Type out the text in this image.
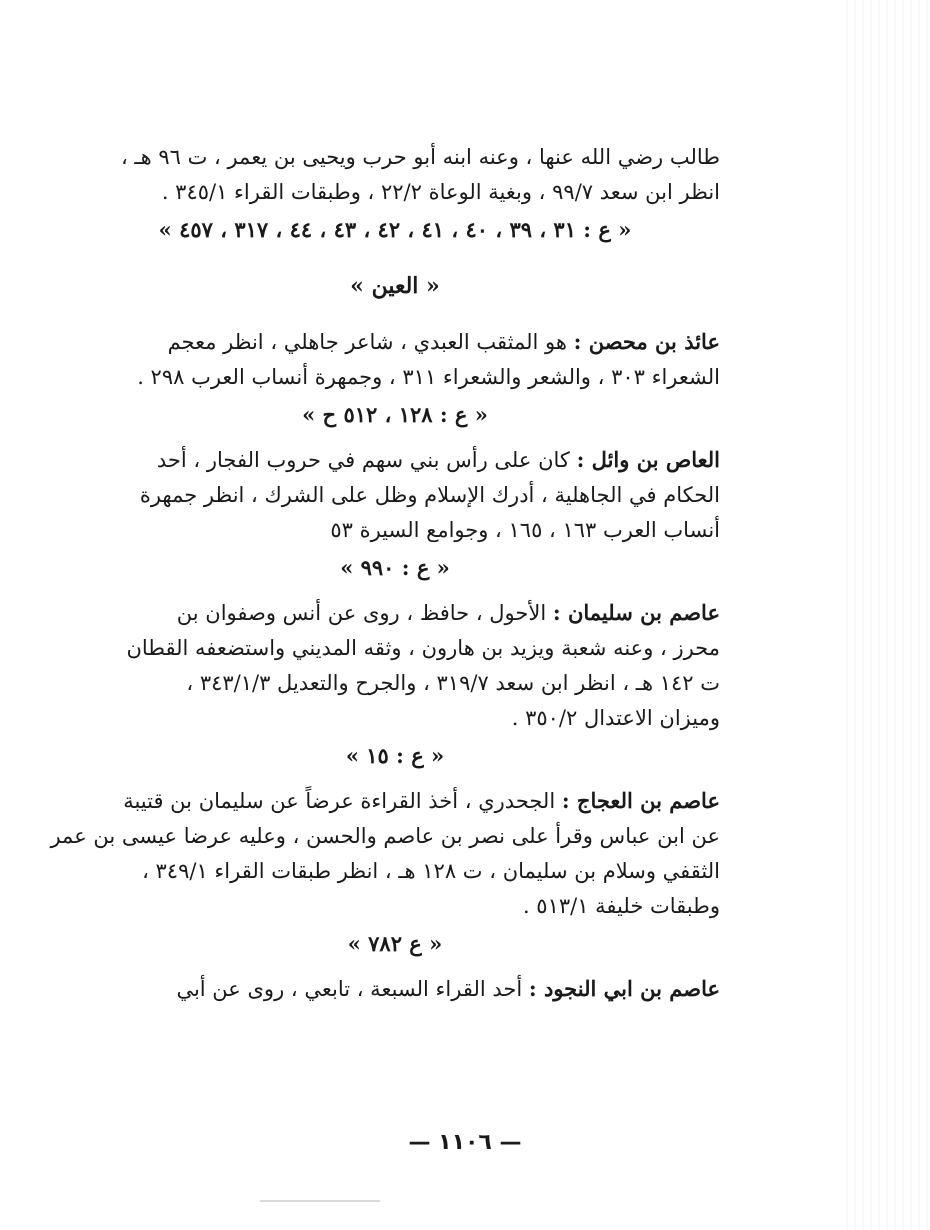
طالب رضي الله عنها ، وعنه ابنه أبو حرب ويحيى بن يعمر ، ت ٩٦ هـ ،
انظر ابن سعد ٩٩/٧ ، وبغية الوعاة ٢٢/٢ ، وطبقات القراء ٣٤٥/١ .
« ع : ٣١ ، ٣٩ ، ٤٠ ، ٤١ ، ٤٢ ، ٤٣ ، ٤٤ ، ٣١٧ ، ٤٥٧ »
« العين »
عائذ بن محصن : هو المثقب العبدي ، شاعر جاهلي ، انظر معجم
الشعراء ٣٠٣ ، والشعر والشعراء ٣١١ ، وجمهرة أنساب العرب ٢٩٨ .
« ع : ١٢٨ ، ٥١٢ ح »
العاص بن وائل : كان على رأس بني سهم في حروب الفجار ، أحد
الحكام في الجاهلية ، أدرك الإسلام وظل على الشرك ، انظر جمهرة
أنساب العرب ١٦٣ ، ١٦٥ ، وجوامع السيرة ٥٣
« ع : ٩٩٠ »
عاصم بن سليمان : الأحول ، حافظ ، روى عن أنس وصفوان بن
محرز ، وعنه شعبة ويزيد بن هارون ، وثقه المديني واستضعفه القطان
ت ١٤٢ هـ ، انظر ابن سعد ٣١٩/٧ ، والجرح والتعديل ٣٤٣/١/٣ ،
وميزان الاعتدال ٣٥٠/٢ .
« ع : ١٥ »
عاصم بن العجاج : الجحدري ، أخذ القراءة عرضاً عن سليمان بن قتيبة
عن ابن عباس وقرأ على نصر بن عاصم والحسن ، وعليه عرضا عيسى بن عمر
الثقفي وسلام بن سليمان ، ت ١٢٨ هـ ، انظر طبقات القراء ٣٤٩/١ ،
وطبقات خليفة ٥١٣/١ .
« ع ٧٨٢ »
عاصم بن ابي النجود : أحد القراء السبعة ، تابعي ، روى عن أبي
— ١١٠٦ —
